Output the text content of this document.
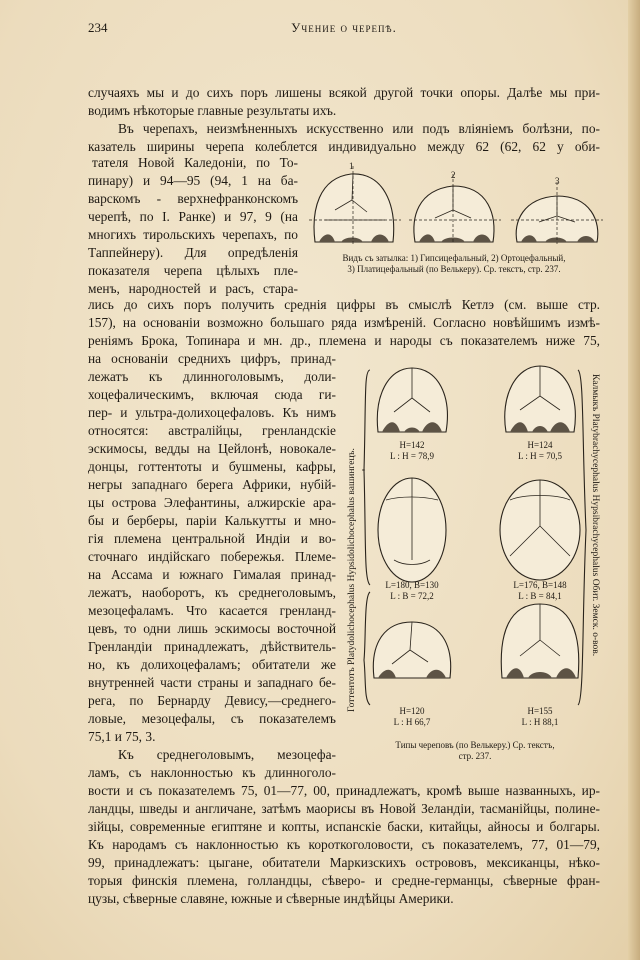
234	Учение о черепѣ.
случаяхъ мы и до сихъ поръ лишены всякой другой точки опоры. Далѣе мы при-
водимъ нѣкоторые главные результаты ихъ.
Въ черепахъ, неизмѣненныхъ искусственно или подъ вліяніемъ болѣзни, по-
казатель ширины черепа колеблется индивидуально между 62 (62, 62 у оби-
тателя Новой Каледоніи, по То-
пинару) и 94—95 (94, 1 на ба-
варскомъ - верхнефранконскомъ
черепѣ, по І. Ранке) и 97, 9 (на
многихъ тирольскихъ черепахъ, по
Таппейнеру). Для опредѣленія
показателя черепа цѣлыхъ пле-
менъ, народностей и расъ, стара-
лись до сихъ поръ получить среднія цифры въ смыслѣ Кетлэ (см. выше стр.
157), на основаніи возможно большаго ряда измѣреній. Согласно новѣйшимъ измѣ-
реніямъ Брока, Топинара и мн. др., племена и народы съ показателемъ ниже 75,
на основаніи среднихъ цифръ, принад-
лежатъ къ длинноголовымъ, доли-
хоцефалическимъ, включая сюда ги-
пер- и ультра-долихоцефаловъ. Къ нимъ
относятся: австралійцы, гренландскіе
эскимосы, ведды на Цейлонѣ, новокале-
донцы, готтентоты и бушмены, кафры,
негры западнаго берега Африки, нубій-
цы острова Элефантины, алжирскіе ара-
бы и берберы, паріи Калькутты и мно-
гія племена центральной Индіи и во-
сточнаго индійскаго побережья. Племе-
на Ассама и южнаго Гималая принад-
лежатъ, наоборотъ, къ среднеголовымъ,
мезоцефаламъ. Что касается гренланд-
цевъ, то одни лишь эскимосы восточной
Гренландіи принадлежатъ, дѣйствитель-
но, къ долихоцефаламъ; обитатели же
внутренней части страны и западнаго бе-
рега, по Бернарду Девису,—среднего-
ловые, мезоцефалы, съ показателемъ
75,1 и 75, 3.
Къ среднеголовымъ, мезоцефа-
ламъ, съ наклонностью къ длинноголо-
вости и съ показателемъ 75, 01—77, 00, принадлежатъ, кромѣ выше названныхъ, ир-
ландцы, шведы и англичане, затѣмъ маорисы въ Новой Зеландіи, тасманійцы, полине-
зійцы, современные египтяне и копты, испанскіе баски, китайцы, айносы и болгары.
Къ народамъ съ наклонностью къ короткоголовости, съ показателемъ, 77, 01—79,
99, принадлежатъ: цыгане, обитатели Маркизскихъ острововъ, мексиканцы, нѣко-
торыя финскія племена, голландцы, сѣверо- и средне-германцы, сѣверные фран-
цузы, сѣверные славяне, южные и сѣверные индѣйцы Америки.
1
2
3
Видъ съ затылка: 1) Гипсицефальный, 2) Ортоцефальный,
3) Платицефальный (по Велькеру). Ср. текстъ, стр. 237.
H=142
L : H = 78,9
H=124
L : H = 70,5
L=180, B=130
L : B = 72,2
L=176, B=148
L : B = 84,1
H=120
L : H 66,7
H=155
L : H 88,1
Готтентотъ Platydolichocephalus Hypsidolichocephalus вашингецъ.	Калмыкъ Platybrachycephalus Hypsibrachycephalus Обит. Земск. о-вов.
Типы череповъ (по Велькеру.) Ср. текстъ,
стр. 237.
